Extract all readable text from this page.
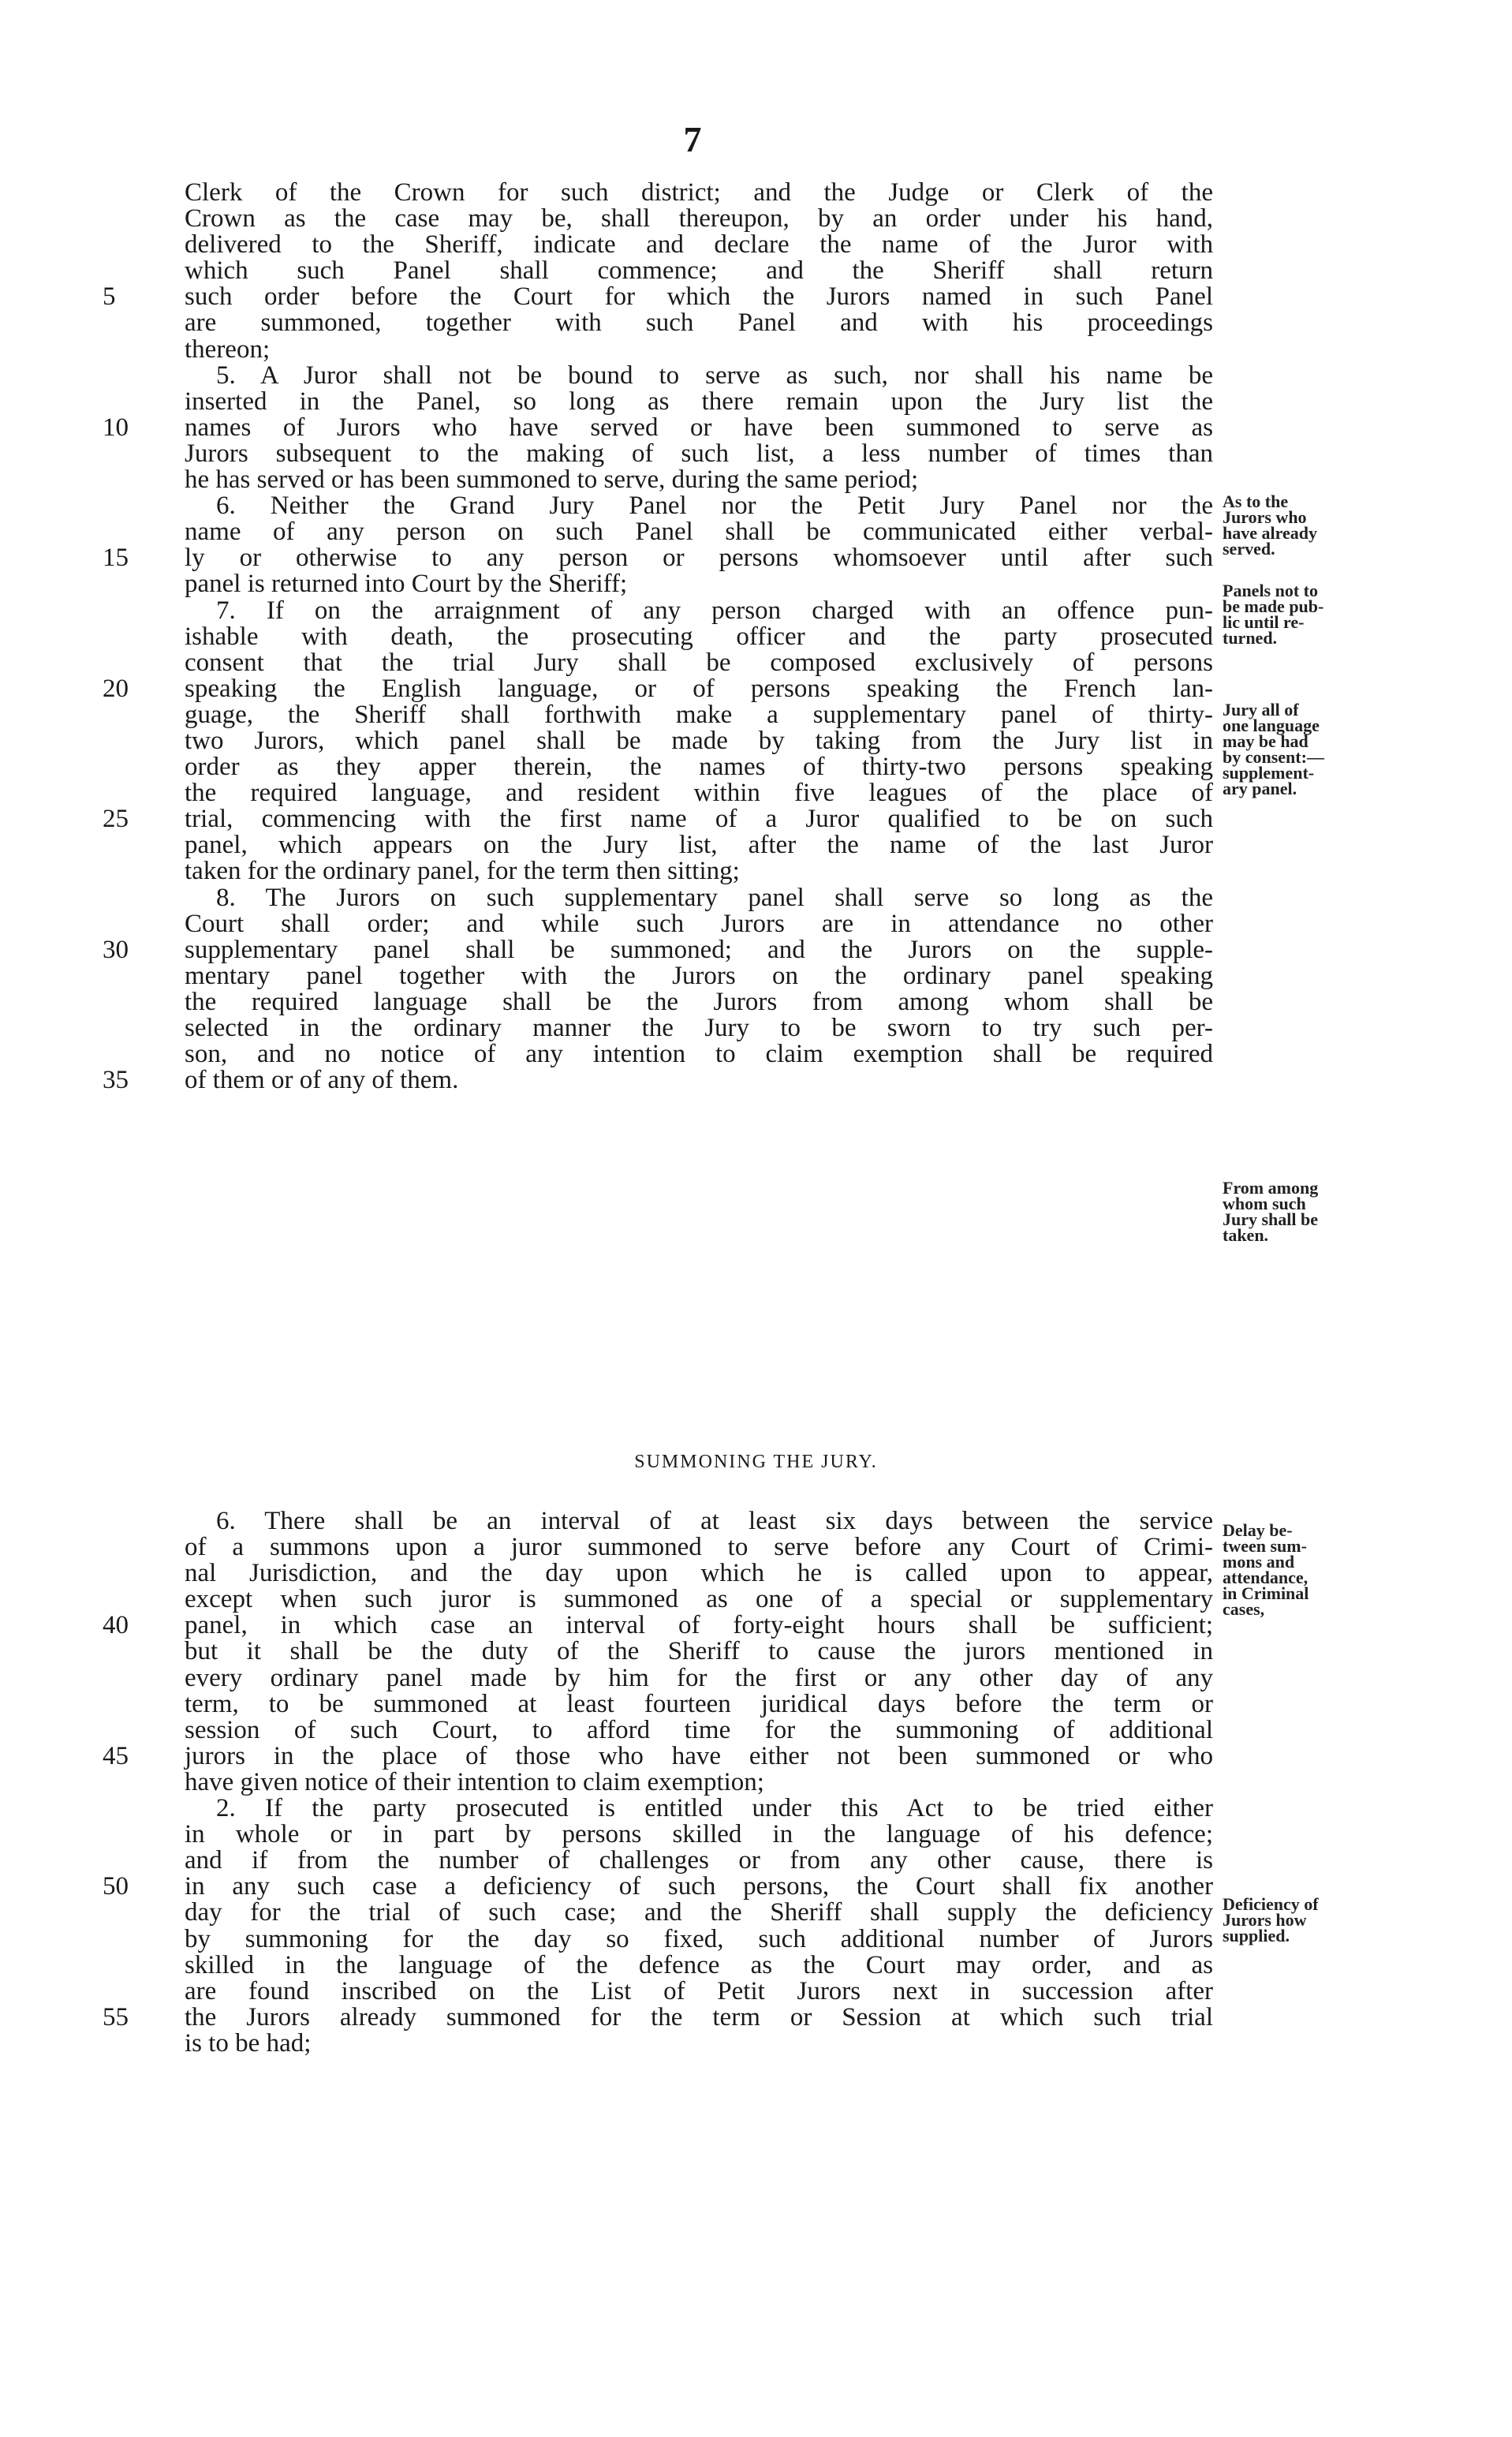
7
Clerk of the Crown for such district; and the Judge or Clerk of the
Crown as the case may be, shall thereupon, by an order under his hand,
delivered to the Sheriff, indicate and declare the name of the Juror with
which such Panel shall commence; and the Sheriff shall return
such order before the Court for which the Jurors named in such Panel
5
are summoned, together with such Panel and with his proceedings
thereon;
5. A Juror shall not be bound to serve as such, nor shall his name be
inserted in the Panel, so long as there remain upon the Jury list the
names of Jurors who have served or have been summoned to serve as
10
Jurors subsequent to the making of such list, a less number of times than
he has served or has been summoned to serve, during the same period;
6. Neither the Grand Jury Panel nor the Petit Jury Panel nor the
name of any person on such Panel shall be communicated either verbal-
ly or otherwise to any person or persons whomsoever until after such
15
panel is returned into Court by the Sheriff;
7. If on the arraignment of any person charged with an offence pun-
ishable with death, the prosecuting officer and the party prosecuted
consent that the trial Jury shall be composed exclusively of persons
speaking the English language, or of persons speaking the French lan-
20
guage, the Sheriff shall forthwith make a supplementary panel of thirty-
two Jurors, which panel shall be made by taking from the Jury list in
order as they apper therein, the names of thirty-two persons speaking
the required language, and resident within five leagues of the place of
trial, commencing with the first name of a Juror qualified to be on such
25
panel, which appears on the Jury list, after the name of the last Juror
taken for the ordinary panel, for the term then sitting;
8. The Jurors on such supplementary panel shall serve so long as the
Court shall order; and while such Jurors are in attendance no other
supplementary panel shall be summoned; and the Jurors on the supple-
30
mentary panel together with the Jurors on the ordinary panel speaking
the required language shall be the Jurors from among whom shall be
selected in the ordinary manner the Jury to be sworn to try such per-
son, and no notice of any intention to claim exemption shall be required
of them or of any of them.
35
SUMMONING THE JURY.
6. There shall be an interval of at least six days between the service
of a summons upon a juror summoned to serve before any Court of Crimi-
nal Jurisdiction, and the day upon which he is called upon to appear,
except when such juror is summoned as one of a special or supplementary
panel, in which case an interval of forty-eight hours shall be sufficient;
40
but it shall be the duty of the Sheriff to cause the jurors mentioned in
every ordinary panel made by him for the first or any other day of any
term, to be summoned at least fourteen juridical days before the term or
session of such Court, to afford time for the summoning of additional
jurors in the place of those who have either not been summoned or who
45
have given notice of their intention to claim exemption;
2. If the party prosecuted is entitled under this Act to be tried either
in whole or in part by persons skilled in the language of his defence;
and if from the number of challenges or from any other cause, there is
in any such case a deficiency of such persons, the Court shall fix another
50
day for the trial of such case; and the Sheriff shall supply the deficiency
by summoning for the day so fixed, such additional number of Jurors
skilled in the language of the defence as the Court may order, and as
are found inscribed on the List of Petit Jurors next in succession after
the Jurors already summoned for the term or Session at which such trial
55
is to be had;
As to the
Jurors who
have already
served.
Panels not to
be made pub-
lic until re-
turned.
Jury all of
one language
may be had
by consent:—
supplement-
ary panel.
From among
whom such
Jury shall be
taken.
Delay be-
tween sum-
mons and
attendance,
in Criminal
cases,
Deficiency of
Jurors how
supplied.
